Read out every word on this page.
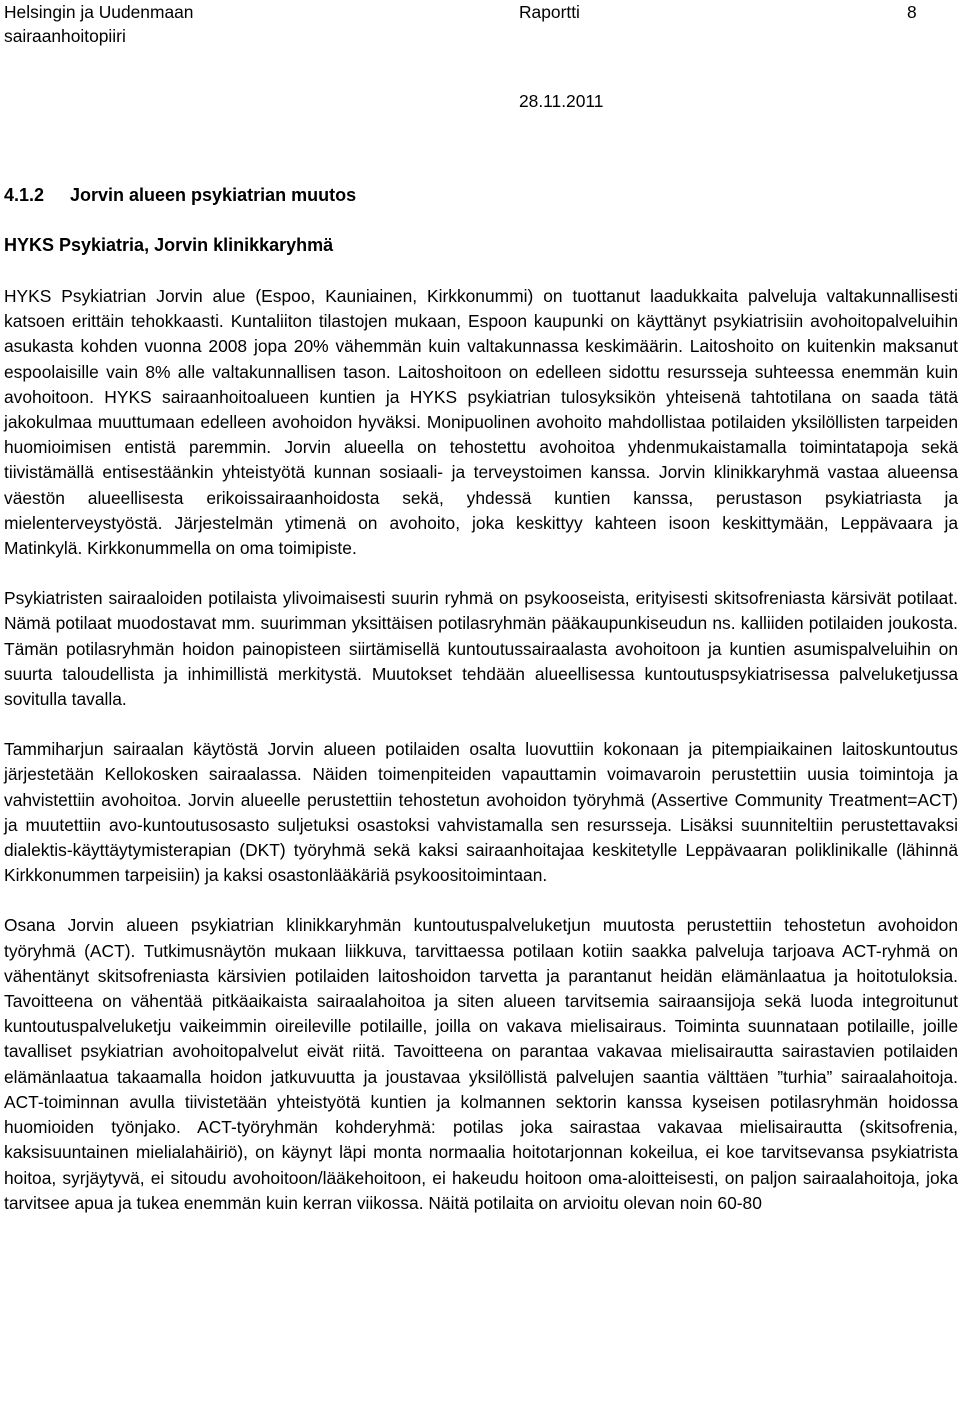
Helsingin ja Uudenmaan sairaanhoitopiiri
Raportti	8
28.11.2011
4.1.2	Jorvin alueen psykiatrian muutos
HYKS Psykiatria, Jorvin klinikkaryhmä

HYKS Psykiatrian Jorvin alue (Espoo, Kauniainen, Kirkkonummi) on tuottanut laadukkaita palveluja valtakunnallisesti katsoen erittäin tehokkaasti. Kuntaliiton tilastojen mukaan, Espoon kaupunki on käyttänyt psykiatrisiin avohoitopalveluihin asukasta kohden vuonna 2008 jopa 20% vähemmän kuin valtakunnassa keskimäärin. Laitoshoito on kuitenkin maksanut espoolaisille vain 8% alle valtakunnallisen tason. Laitoshoitoon on edelleen sidottu resursseja suhteessa enemmän kuin avohoitoon. HYKS sairaanhoitoalueen kuntien ja HYKS psykiatrian tulosyksikön yhteisenä tahtotilana on saada tätä jakokulmaa muuttumaan edelleen avohoidon hyväksi. Monipuolinen avohoito mahdollistaa potilaiden yksilöllisten tarpeiden huomioimisen entistä paremmin. Jorvin alueella on tehostettu avohoitoa yhdenmukaistamalla toimintatapoja sekä tiivistämällä entisestäänkin yhteistyötä kunnan sosiaali- ja terveystoimen kanssa. Jorvin klinikkaryhmä vastaa alueensa väestön alueellisesta erikoissairaanhoidosta sekä, yhdessä kuntien kanssa, perustason psykiatriasta ja mielenterveystyöstä. Järjestelmän ytimenä on avohoito, joka keskittyy kahteen isoon keskittymään, Leppävaara ja Matinkylä. Kirkkonummella on oma toimipiste.

Psykiatristen sairaaloiden potilaista ylivoimaisesti suurin ryhmä on psykooseista, erityisesti skitsofreniasta kärsivät potilaat. Nämä potilaat muodostavat mm. suurimman yksittäisen potilasryhmän pääkaupunkiseudun ns. kalliiden potilaiden joukosta. Tämän potilasryhmän hoidon painopisteen siirtämisellä kuntoutussairaalasta avohoitoon ja kuntien asumispalveluihin on suurta taloudellista ja inhimillistä merkitystä. Muutokset tehdään alueellisessa kuntoutuspsykiatrisessa palveluketjussa sovitulla tavalla.

Tammiharjun sairaalan käytöstä Jorvin alueen potilaiden osalta luovuttiin kokonaan ja pitempiaikainen laitoskuntoutus järjestetään Kellokosken sairaalassa. Näiden toimenpiteiden vapauttamin voimavaroin perustettiin uusia toimintoja ja vahvistettiin avohoitoa. Jorvin alueelle perustettiin tehostetun avohoidon työryhmä (Assertive Community Treatment=ACT) ja muutettiin avo-kuntoutusosasto suljetuksi osastoksi vahvistamalla sen resursseja. Lisäksi suunniteltiin perustettavaksi dialektis-käyttäytymisterapian (DKT) työryhmä sekä kaksi sairaanhoitajaa keskitetylle Leppävaaran poliklinikalle (lähinnä Kirkkonummen tarpeisiin) ja kaksi osastonlääkäriä psykoositoimintaan.

Osana Jorvin alueen psykiatrian klinikkaryhmän kuntoutuspalveluketjun muutosta perustettiin tehostetun avohoidon työryhmä (ACT). Tutkimusnäytön mukaan liikkuva, tarvittaessa potilaan kotiin saakka palveluja tarjoava ACT-ryhmä on vähentänyt skitsofreniasta kärsivien potilaiden laitoshoidon tarvetta ja parantanut heidän elämänlaatua ja hoitotuloksia. Tavoitteena on vähentää pitkäaikaista sairaalahoitoa ja siten alueen tarvitsemia sairaansijoja sekä luoda integroitunut kuntoutuspalveluketju vaikeimmin oireileville potilaille, joilla on vakava mielisairaus. Toiminta suunnataan potilaille, joille tavalliset psykiatrian avohoitopalvelut eivät riitä. Tavoitteena on parantaa vakavaa mielisairautta sairastavien potilaiden elämänlaatua takaamalla hoidon jatkuvuutta ja joustavaa yksilöllistä palvelujen saantia välttäen ”turhia” sairaalahoitoja. ACT-toiminnan avulla tiivistetään yhteistyötä kuntien ja kolmannen sektorin kanssa kyseisen potilasryhmän hoidossa huomioiden työnjako. ACT-työryhmän kohderyhmä: potilas joka sairastaa vakavaa mielisairautta (skitsofrenia, kaksisuuntainen mielialahäiriö), on käynyt läpi monta normaalia hoitotarjonnan kokeilua, ei koe tarvitsevansa psykiatrista hoitoa, syrjäytyvä, ei sitoudu avohoitoon/lääkehoitoon, ei hakeudu hoitoon oma-aloitteisesti, on paljon sairaalahoitoja, joka tarvitsee apua ja tukea enemmän kuin kerran viikossa. Näitä potilaita on arvioitu olevan noin 60-80
